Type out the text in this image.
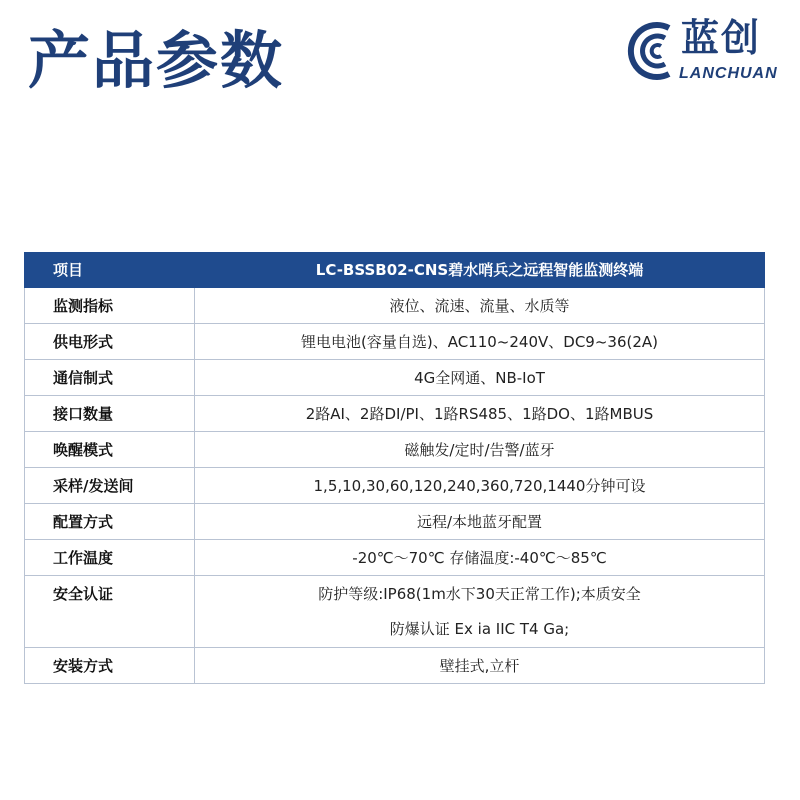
产品参数	蓝创
LANCHUAN
项目	LC-BSSB02-CNS碧水哨兵之远程智能监测终端
监测指标	液位、流速、流量、水质等
供电形式	锂电电池(容量自选)、AC110~240V、DC9~36(2A)
通信制式	4G全网通、NB-IoT
接口数量	2路AI、2路DI/PI、1路RS485、1路DO、1路MBUS
唤醒模式	磁触发/定时/告警/蓝牙
采样/发送间	1,5,10,30,60,120,240,360,720,1440分钟可设
配置方式	远程/本地蓝牙配置
工作温度	-20℃～70℃ 存储温度:-40℃～85℃
安全认证	防护等级:IP68(1m水下30天正常工作);本质安全
	防爆认证 Ex ia IIC T4 Ga;
安装方式	壁挂式,立杆
